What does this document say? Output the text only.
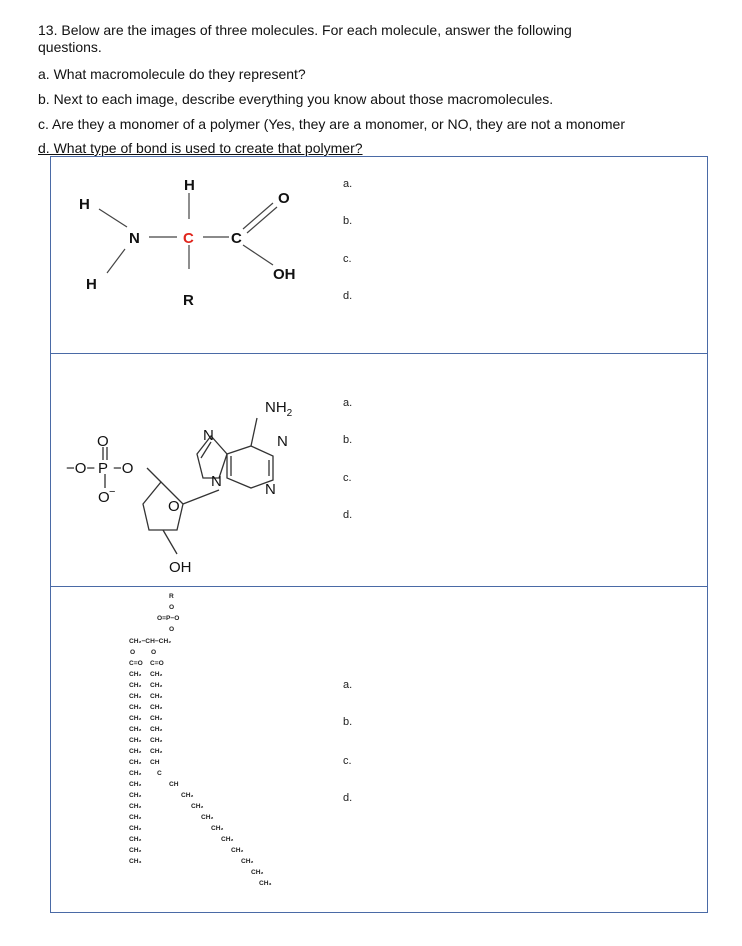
13. Below are the images of three molecules. For each molecule, answer the following

questions.

a. What macromolecule do they represent?

b. Next to each image, describe everything you know about those macromolecules.

c. Are they a monomer of a polymer (Yes, they are a monomer, or NO, they are not a monomer

d. What type of bond is used to create that polymer?

H
O
H
N	C C
OH
H
R
a.
b.
c.
d.
$NH_2$
O
−O− P −O
O −
O
OH
N	N
N	N
a.
b.
c.
d.
R
O
O=P−O
O
CH₂−CH−CH₂
O O
C=O C=O
CH₂
CH₂
CH₂
CH₂
CH₂
CH₂
CH₂
CH₂
CH₂
CH₂
CH₂
CH₂
CH₂
CH₂
CH₂
CH₂
CH₂
CH₃
CH₂
CH₂
CH₂
CH₂
CH₂
CH₂
CH₂
CH₂
CH
C
CH
CH₂
CH₂
CH₂
CH₂
CH₂
CH₂
CH₂
CH₂
CH₃
a.
b.
c.
d.
